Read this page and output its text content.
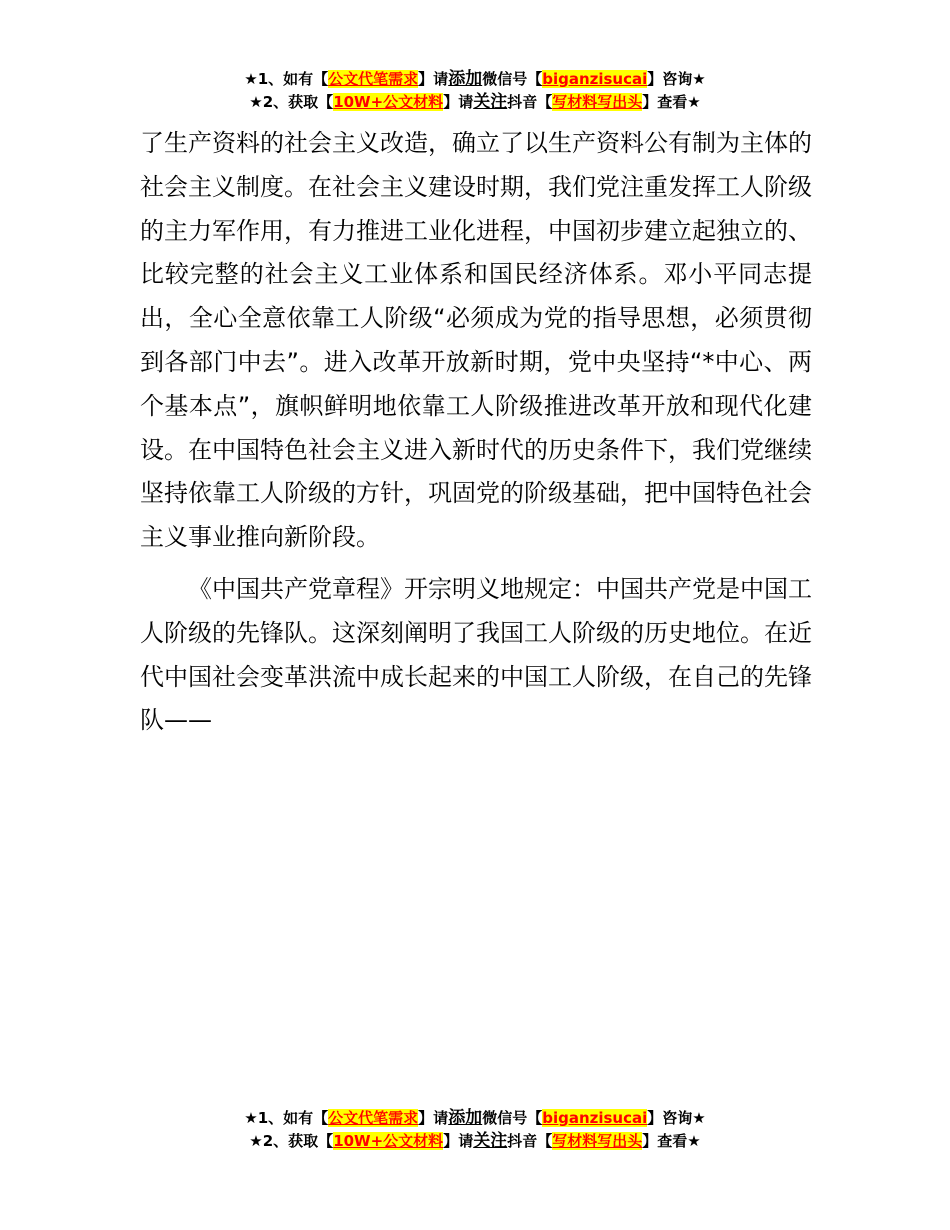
★1、如有【公文代笔需求】请添加微信号【biganzisucai】咨询★
★2、获取【10W+公文材料】请关注抖音【写材料写出头】查看★

了生产资料的社会主义改造，确立了以生产资料公有制为主体的社会主义制度。在社会主义建设时期，我们党注重发挥工人阶级的主力军作用，有力推进工业化进程，中国初步建立起独立的、比较完整的社会主义工业体系和国民经济体系。邓小平同志提出，全心全意依靠工人阶级“必须成为党的指导思想，必须贯彻到各部门中去”。进入改革开放新时期，党中央坚持“*中心、两个基本点”，旗帜鲜明地依靠工人阶级推进改革开放和现代化建设。在中国特色社会主义进入新时代的历史条件下，我们党继续坚持依靠工人阶级的方针，巩固党的阶级基础，把中国特色社会主义事业推向新阶段。

《中国共产党章程》开宗明义地规定：中国共产党是中国工人阶级的先锋队。这深刻阐明了我国工人阶级的历史地位。在近代中国社会变革洪流中成长起来的中国工人阶级，在自己的先锋队——

★1、如有【公文代笔需求】请添加微信号【biganzisucai】咨询★
★2、获取【10W+公文材料】请关注抖音【写材料写出头】查看★
